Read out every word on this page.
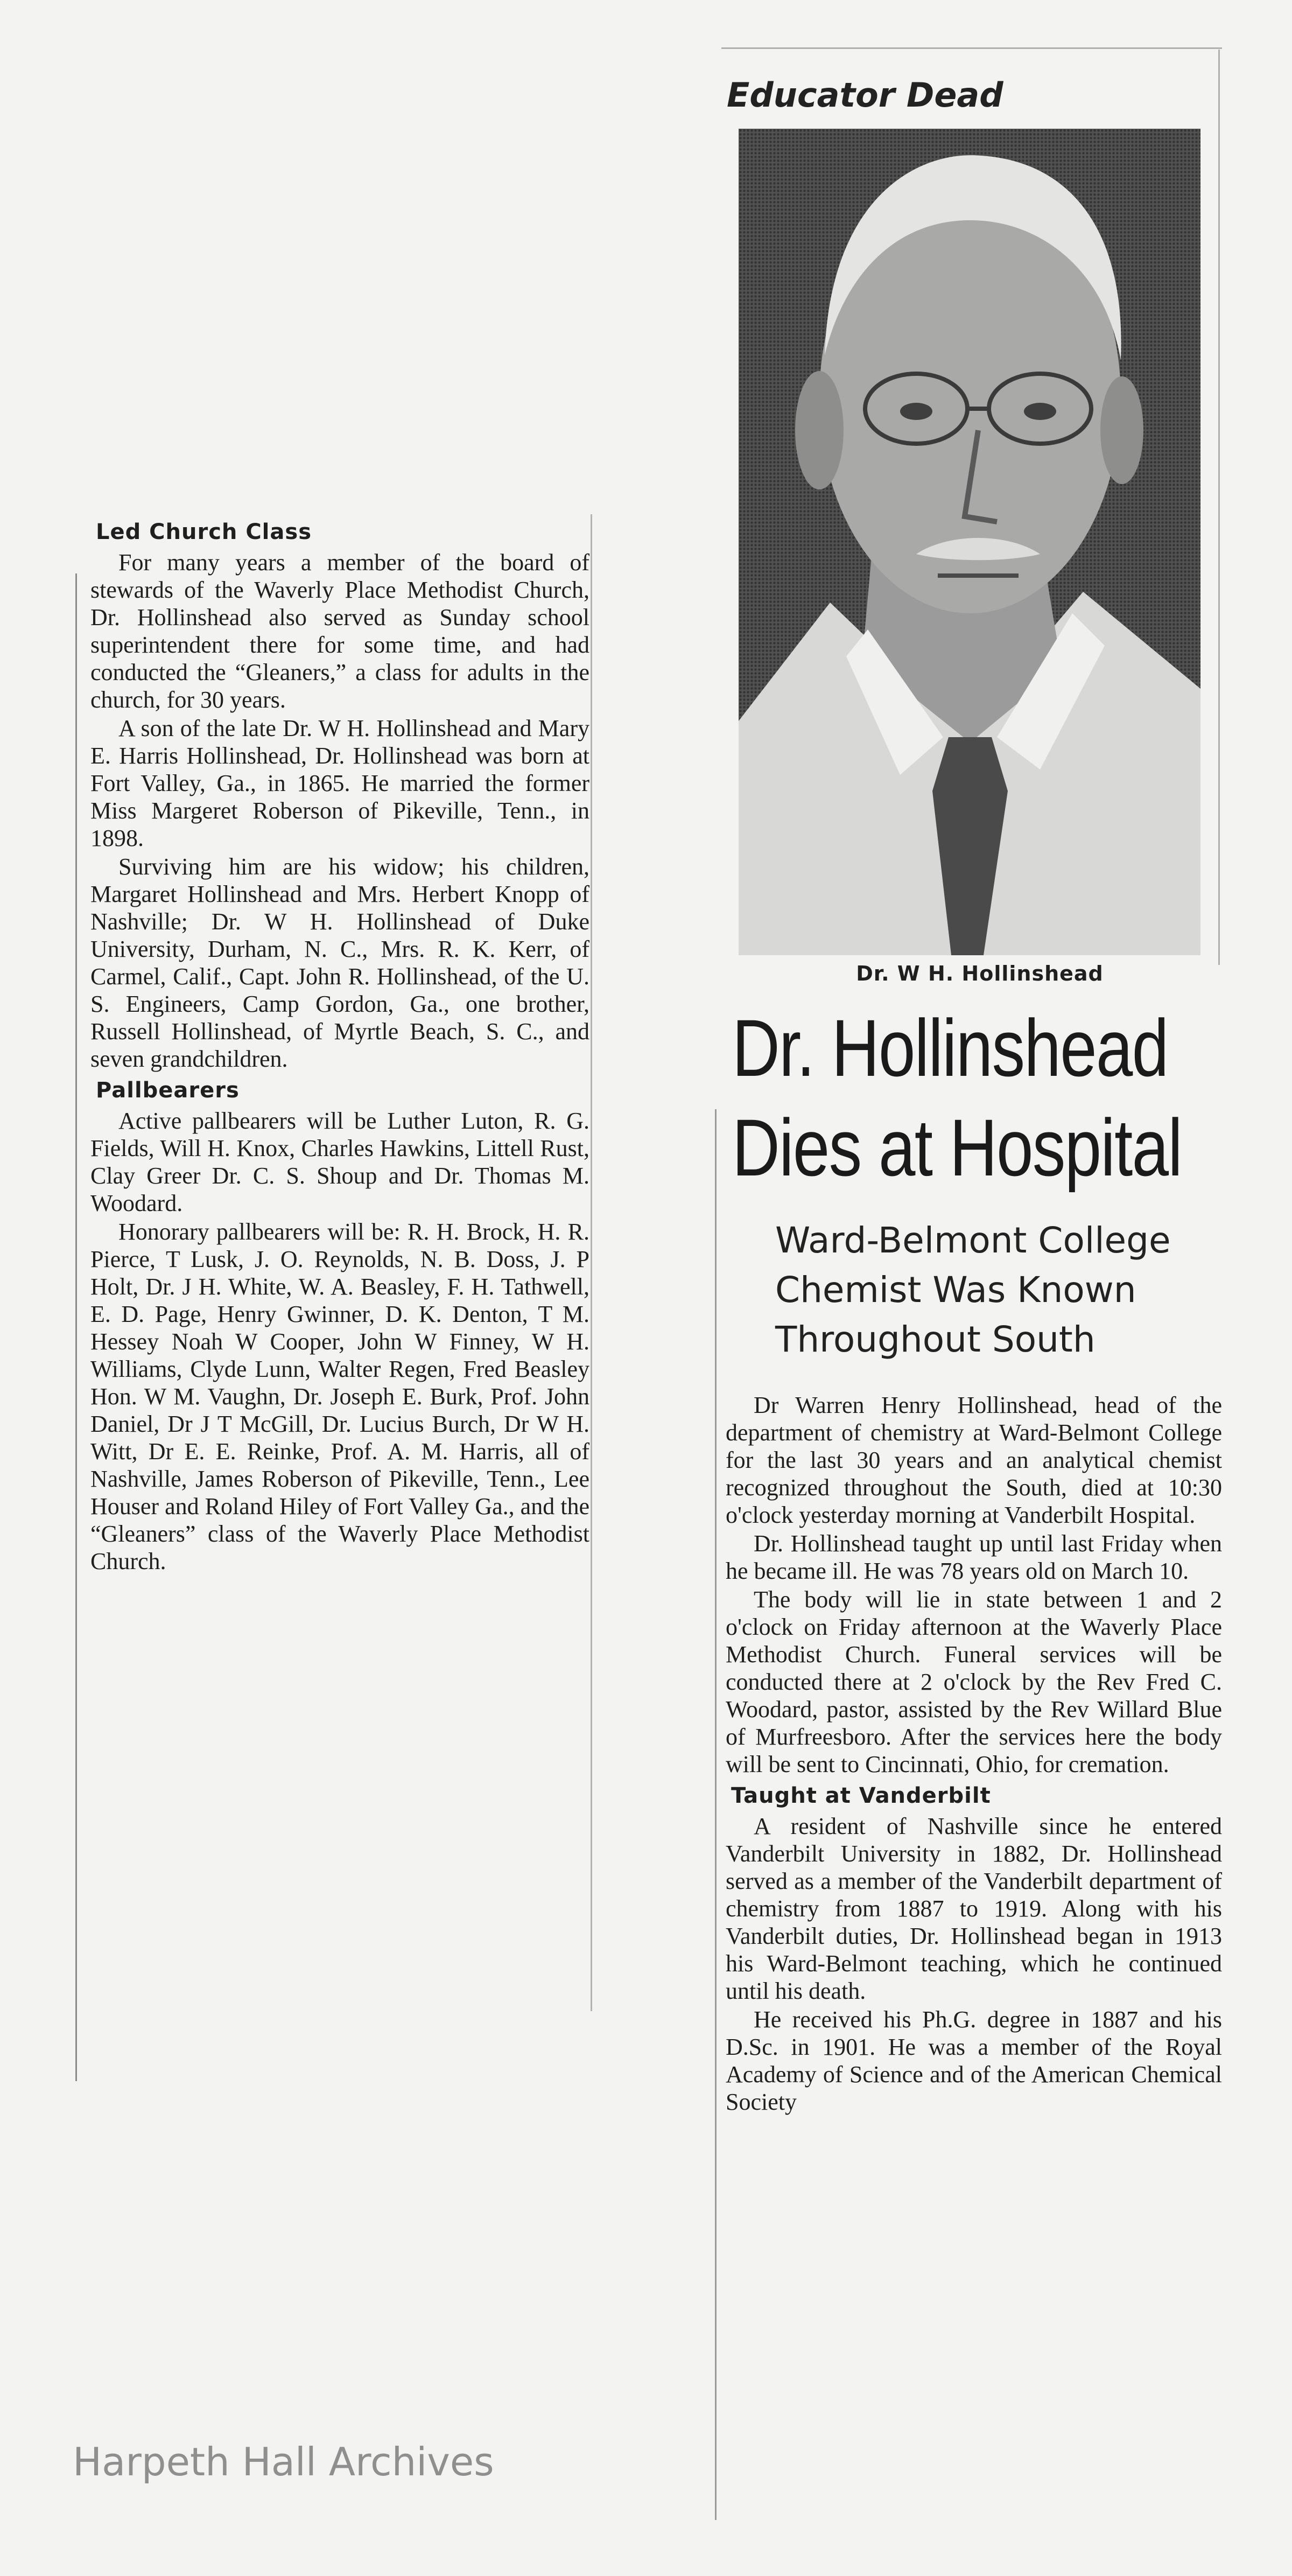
Led Church Class

For many years a member of the board of stewards of the Waverly Place Methodist Church, Dr. Hollinshead also served as Sunday school superintendent there for some time, and had conducted the “Gleaners,” a class for adults in the church, for 30 years.

A son of the late Dr. W H. Hollinshead and Mary E. Harris Hollinshead, Dr. Hollinshead was born at Fort Valley, Ga., in 1865. He married the former Miss Margeret Roberson of Pikeville, Tenn., in 1898.

Surviving him are his widow; his children, Margaret Hollinshead and Mrs. Herbert Knopp of Nashville; Dr. W H. Hollinshead of Duke University, Durham, N. C., Mrs. R. K. Kerr, of Carmel, Calif., Capt. John R. Hollinshead, of the U. S. Engineers, Camp Gordon, Ga., one brother, Russell Hollinshead, of Myrtle Beach, S. C., and seven grandchildren.

Pallbearers

Active pallbearers will be Luther Luton, R. G. Fields, Will H. Knox, Charles Hawkins, Littell Rust, Clay Greer Dr. C. S. Shoup and Dr. Thomas M. Woodard.

Honorary pallbearers will be: R. H. Brock, H. R. Pierce, T Lusk, J. O. Reynolds, N. B. Doss, J. P Holt, Dr. J H. White, W. A. Beasley, F. H. Tathwell, E. D. Page, Henry Gwinner, D. K. Denton, T M. Hessey Noah W Cooper, John W Finney, W H. Williams, Clyde Lunn, Walter Regen, Fred Beasley Hon. W M. Vaughn, Dr. Joseph E. Burk, Prof. John Daniel, Dr J T McGill, Dr. Lucius Burch, Dr W H. Witt, Dr E. E. Reinke, Prof. A. M. Harris, all of Nashville, James Roberson of Pikeville, Tenn., Lee Houser and Roland Hiley of Fort Valley Ga., and the “Gleaners” class of the Waverly Place Methodist Church.

Educator Dead
Dr. W H. Hollinshead
Dr. Hollinshead
Dies at Hospital
Ward-Belmont College
Chemist Was Known
Throughout South

Dr Warren Henry Hollinshead, head of the department of chemistry at Ward-Belmont College for the last 30 years and an analytical chemist recognized throughout the South, died at 10:30 o'clock yesterday morning at Vanderbilt Hospital.

Dr. Hollinshead taught up until last Friday when he became ill. He was 78 years old on March 10.

The body will lie in state between 1 and 2 o'clock on Friday afternoon at the Waverly Place Methodist Church. Funeral services will be conducted there at 2 o'clock by the Rev Fred C. Woodard, pastor, assisted by the Rev Willard Blue of Murfreesboro. After the services here the body will be sent to Cincinnati, Ohio, for cremation.

Taught at Vanderbilt

A resident of Nashville since he entered Vanderbilt University in 1882, Dr. Hollinshead served as a member of the Vanderbilt department of chemistry from 1887 to 1919. Along with his Vanderbilt duties, Dr. Hollinshead began in 1913 his Ward-Belmont teaching, which he continued until his death.

He received his Ph.G. degree in 1887 and his D.Sc. in 1901. He was a member of the Royal Academy of Science and of the American Chemical Society

Harpeth Hall Archives
